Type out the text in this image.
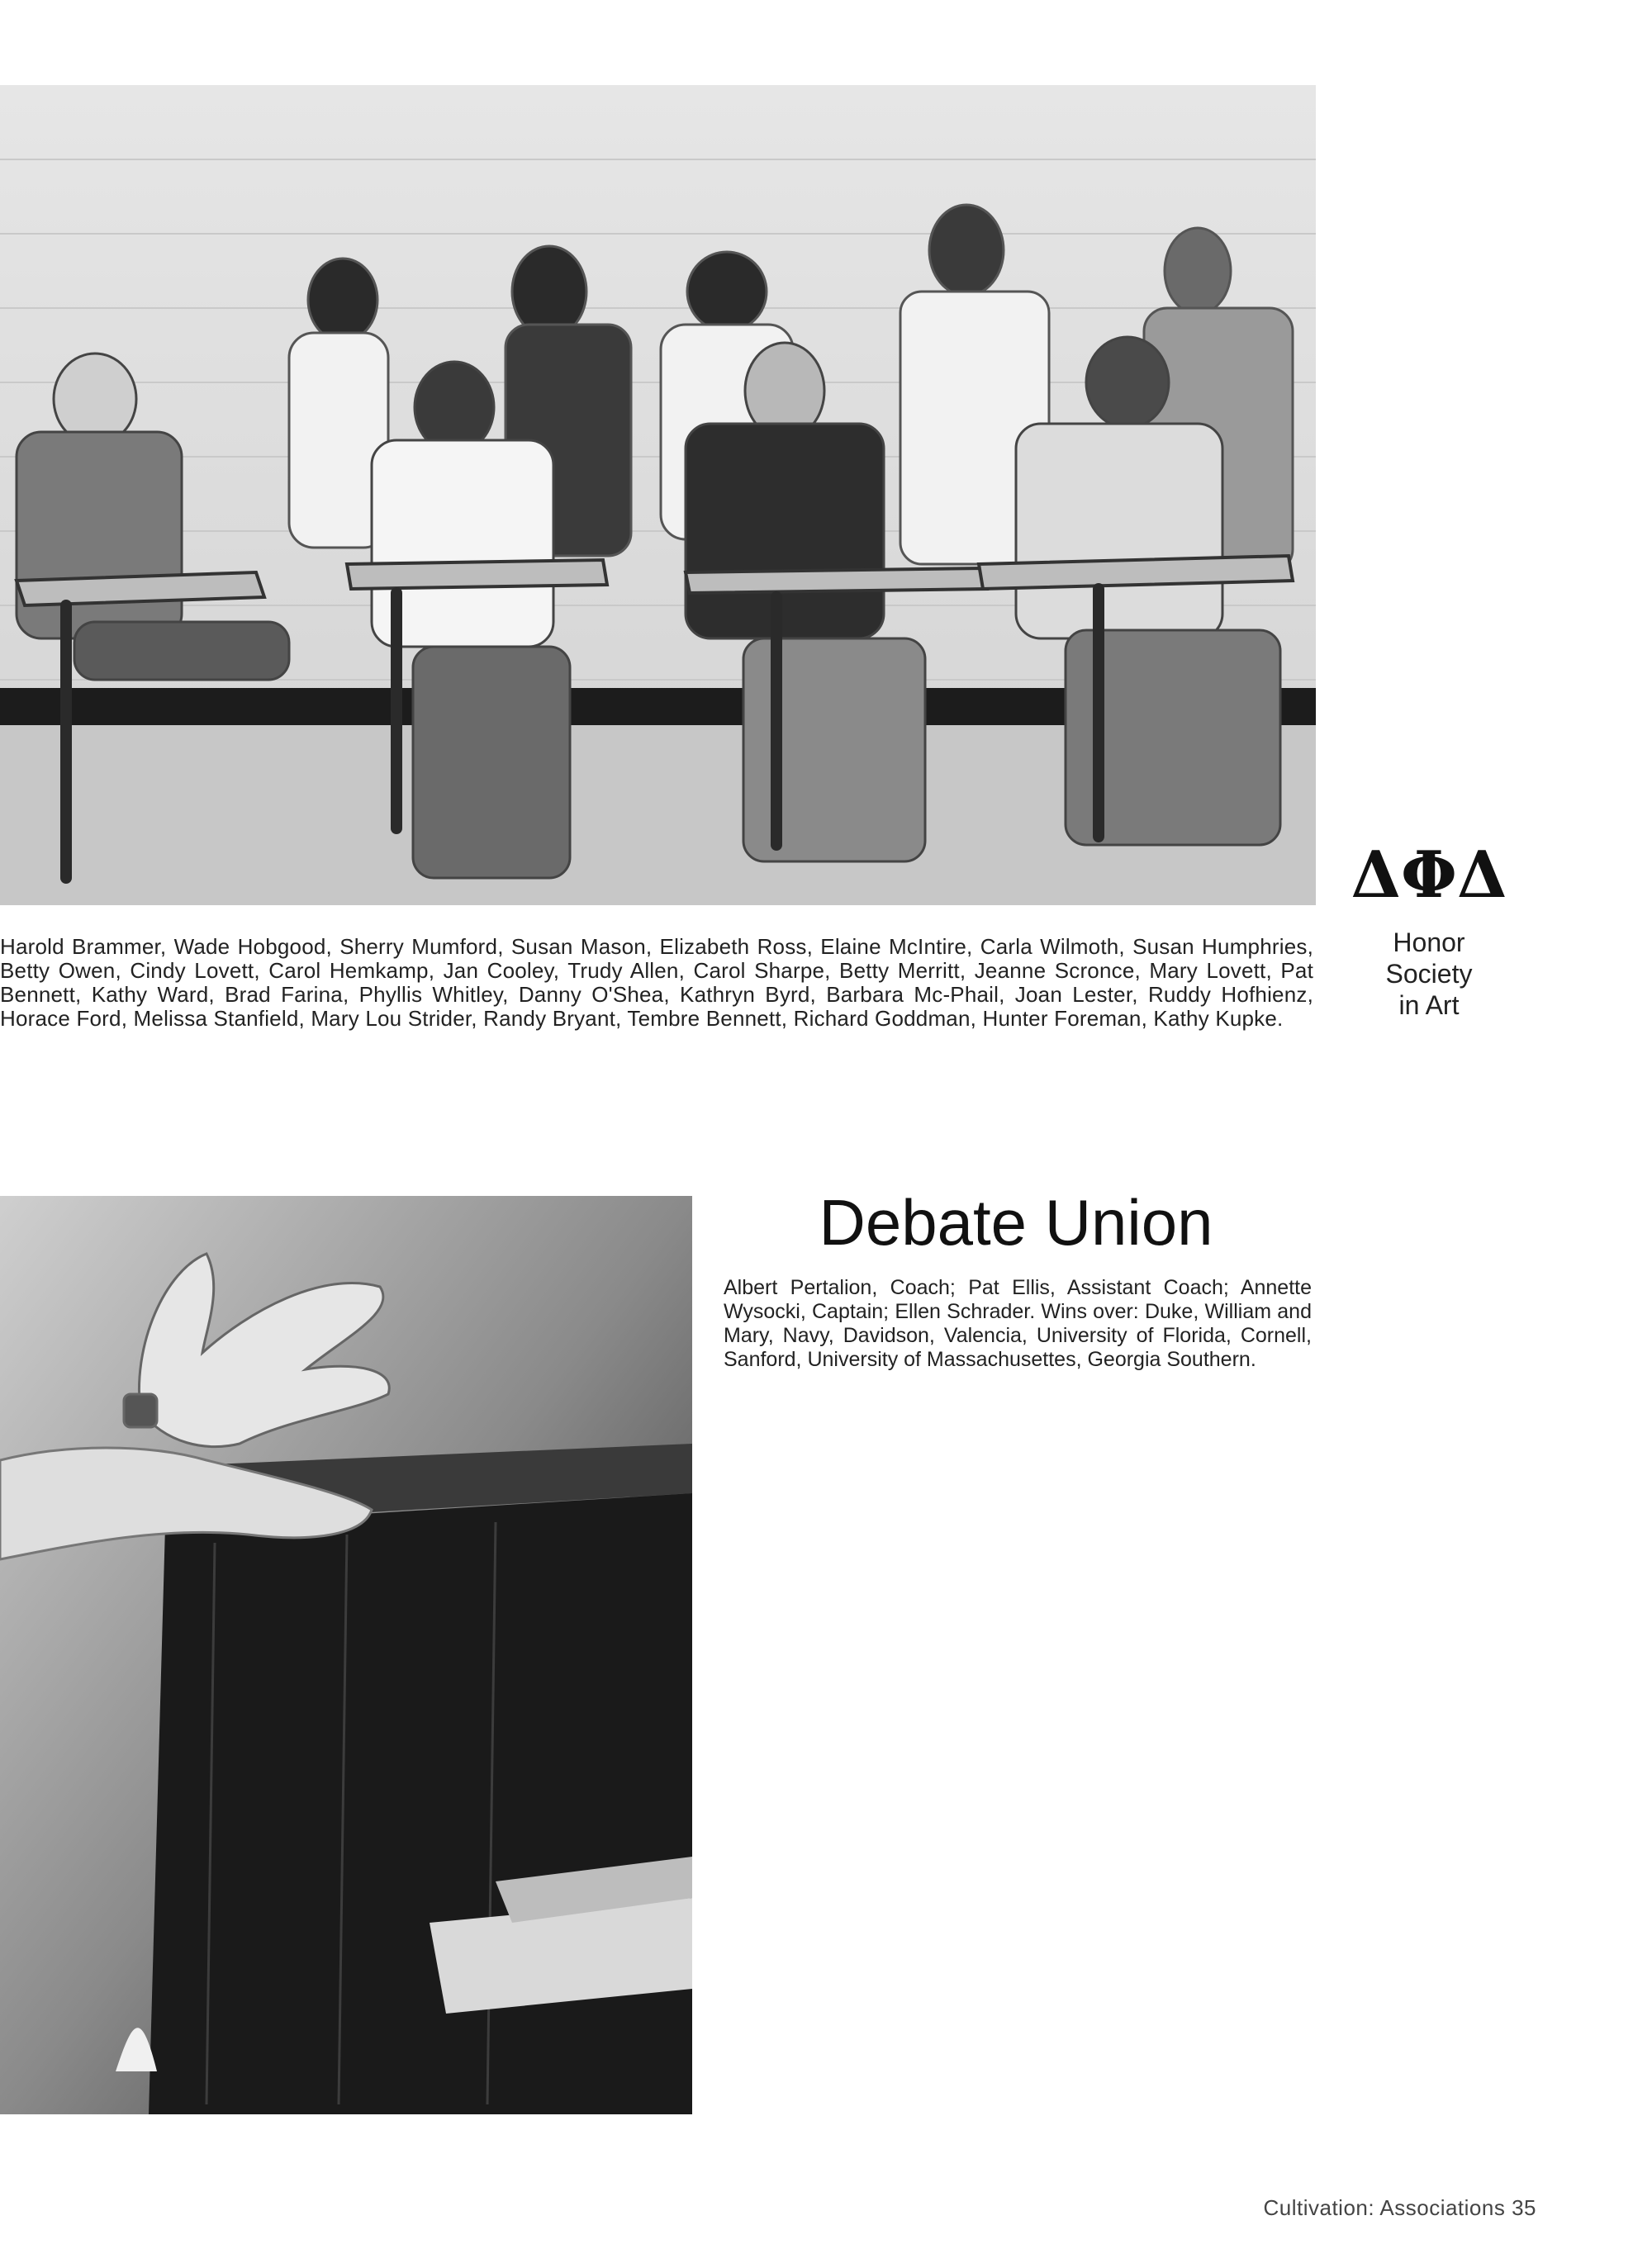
Harold Brammer, Wade Hobgood, Sherry Mumford, Susan Mason, Elizabeth Ross, Elaine McIntire, Carla Wilmoth, Susan Humphries, Betty Owen, Cindy Lovett, Carol Hemkamp, Jan Cooley, Trudy Allen, Carol Sharpe, Betty Merritt, Jeanne Scronce, Mary Lovett, Pat Bennett, Kathy Ward, Brad Farina, Phyllis Whitley, Danny O'Shea, Kathryn Byrd, Barbara Mc-Phail, Joan Lester, Ruddy Hofhienz, Horace Ford, Melissa Stanfield, Mary Lou Strider, Randy Bryant, Tembre Bennett, Richard Goddman, Hunter Foreman, Kathy Kupke.

ΔΦΔ

Honor
Society
in Art

Debate Union

Albert Pertalion, Coach; Pat Ellis, Assistant Coach; Annette Wysocki, Captain; Ellen Schrader. Wins over: Duke, William and Mary, Navy, Davidson, Valencia, University of Florida, Cornell, Sanford, University of Massachusettes, Georgia Southern.

Cultivation: Associations 35
